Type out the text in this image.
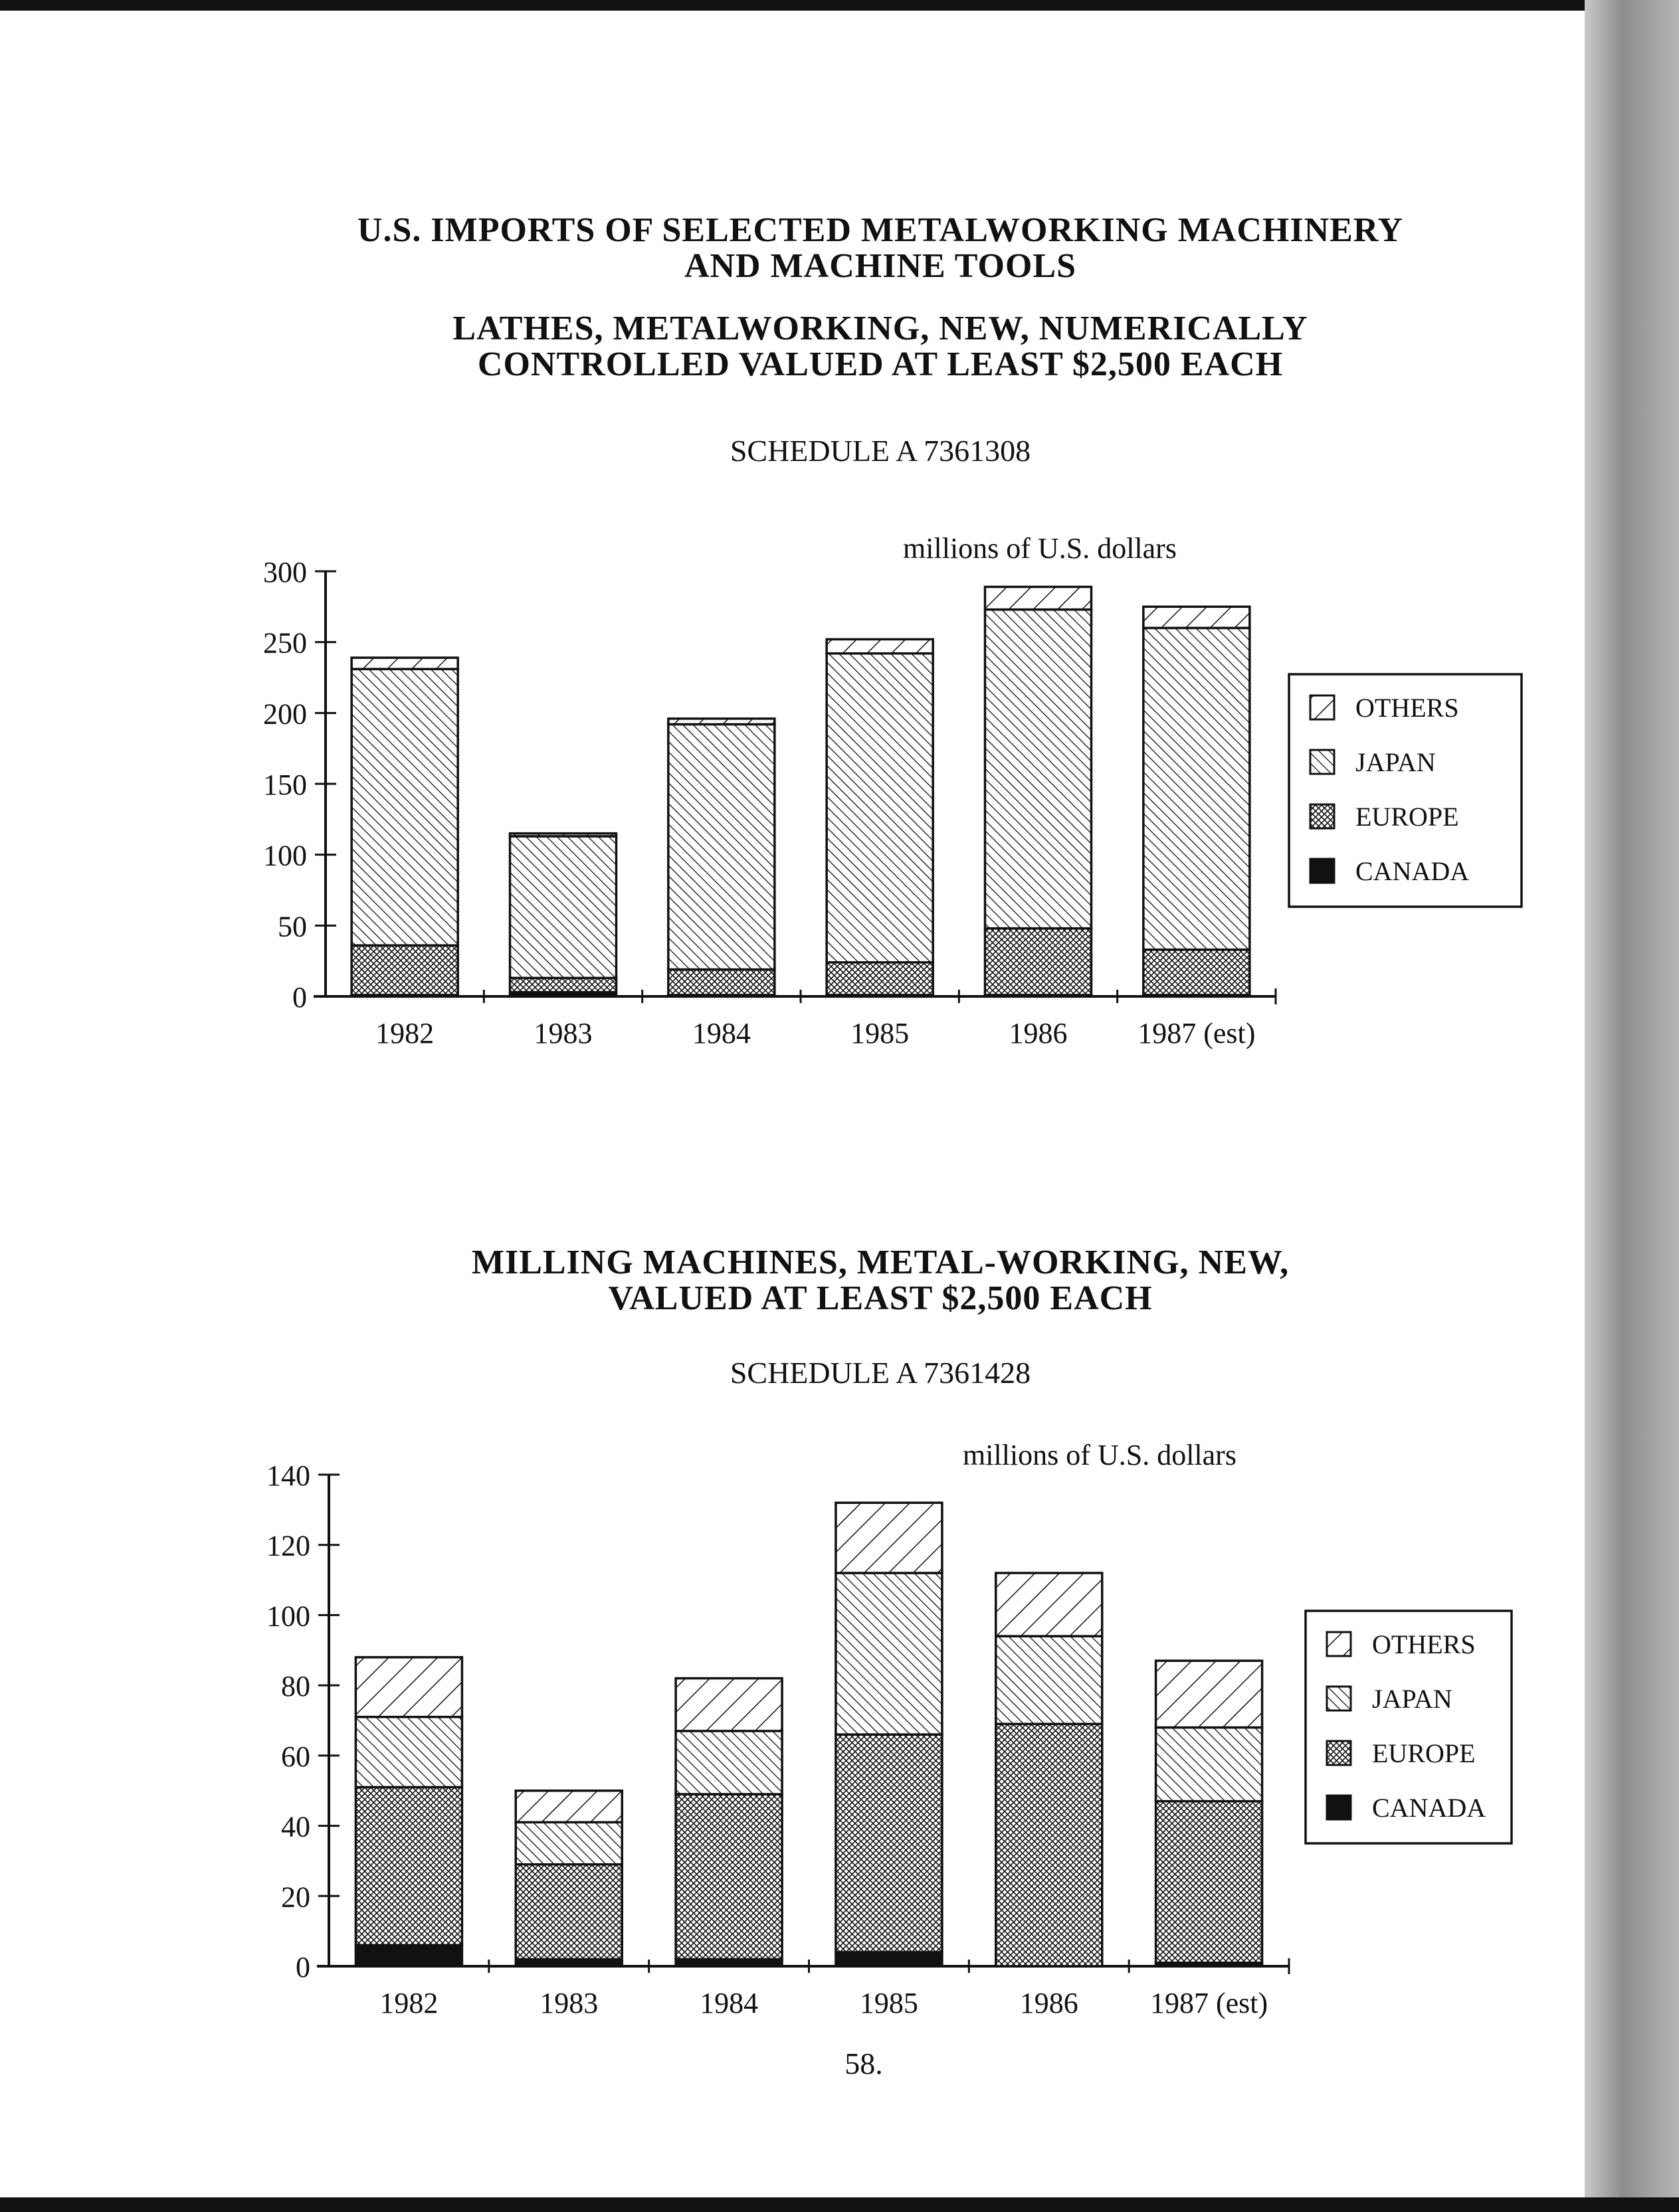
U.S. IMPORTS OF SELECTED METALWORKING MACHINERY
AND MACHINE TOOLS
LATHES, METALWORKING, NEW, NUMERICALLY
CONTROLLED VALUED AT LEAST $2,500 EACH
SCHEDULE A 7361308
millions of U.S. dollars
0
50
100
150
200
250
300
1982	1983	1984	1985	1986 1987 (est)
OTHERS
JAPAN
EUROPE
CANADA
MILLING MACHINES, METAL-WORKING, NEW,
VALUED AT LEAST $2,500 EACH
SCHEDULE A 7361428
millions of U.S. dollars
0
20
40
60
80
100
120
140
1982	1983	1984	1985	1986 1987 (est)
OTHERS
JAPAN
EUROPE
CANADA
58.
